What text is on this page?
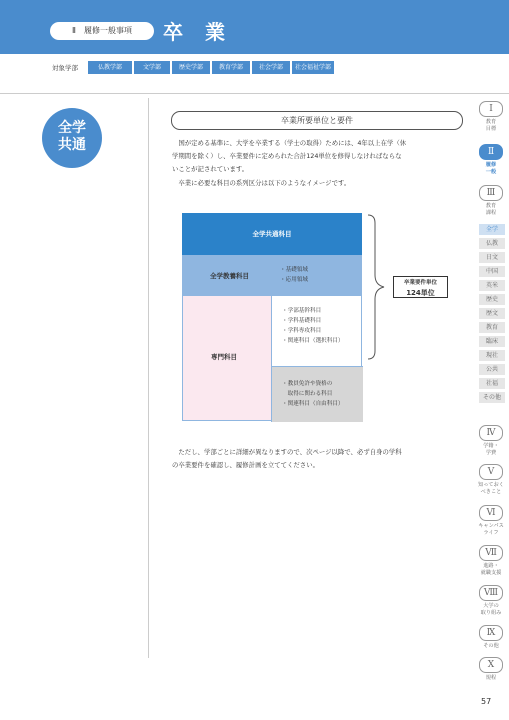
Ⅱ　履修一般事項	卒業
対象学部	仏教学部	文学部	歴史学部	教育学部	社会学部	社会福祉学部
全学
共通
卒業所要単位と要件
　国が定める基準に、大学を卒業する（学士の取得）ためには、4年以上在学（休
学期間を除く）し、卒業要件に定められた合計124単位を修得しなければならな
いことが記されています。
　卒業に必要な科目の系列区分は以下のようなイメージです。
全学共通科目
全学教養科目
・基礎領域
・応用領域
専門科目
・学部基幹科目
・学科基礎科目
・学科専攻科目
・関連科目（選択科目）
・教員免許や資格の
　取得に関わる科目
・関連科目（自由科目）
卒業要件単位
124単位
　ただし、学部ごとに詳細が異なりますので、次ページ以降で、必ず自身の学科
の卒業要件を確認し、履修計画を立ててください。
Ⅰ
教育
目標
Ⅱ
履修
一般
Ⅲ
教育
課程
全学
仏教
日文
中国
英米
歴史
歴文
教育
臨床
現社
公共
社福
その他
Ⅳ
学籍・
学費
Ⅴ
知っておく
べきこと
Ⅵ
キャンパス
ライフ
Ⅶ
進路・
就職支援
Ⅷ
大学の
取り組み
Ⅸ
その他
Ⅹ
規程
57
